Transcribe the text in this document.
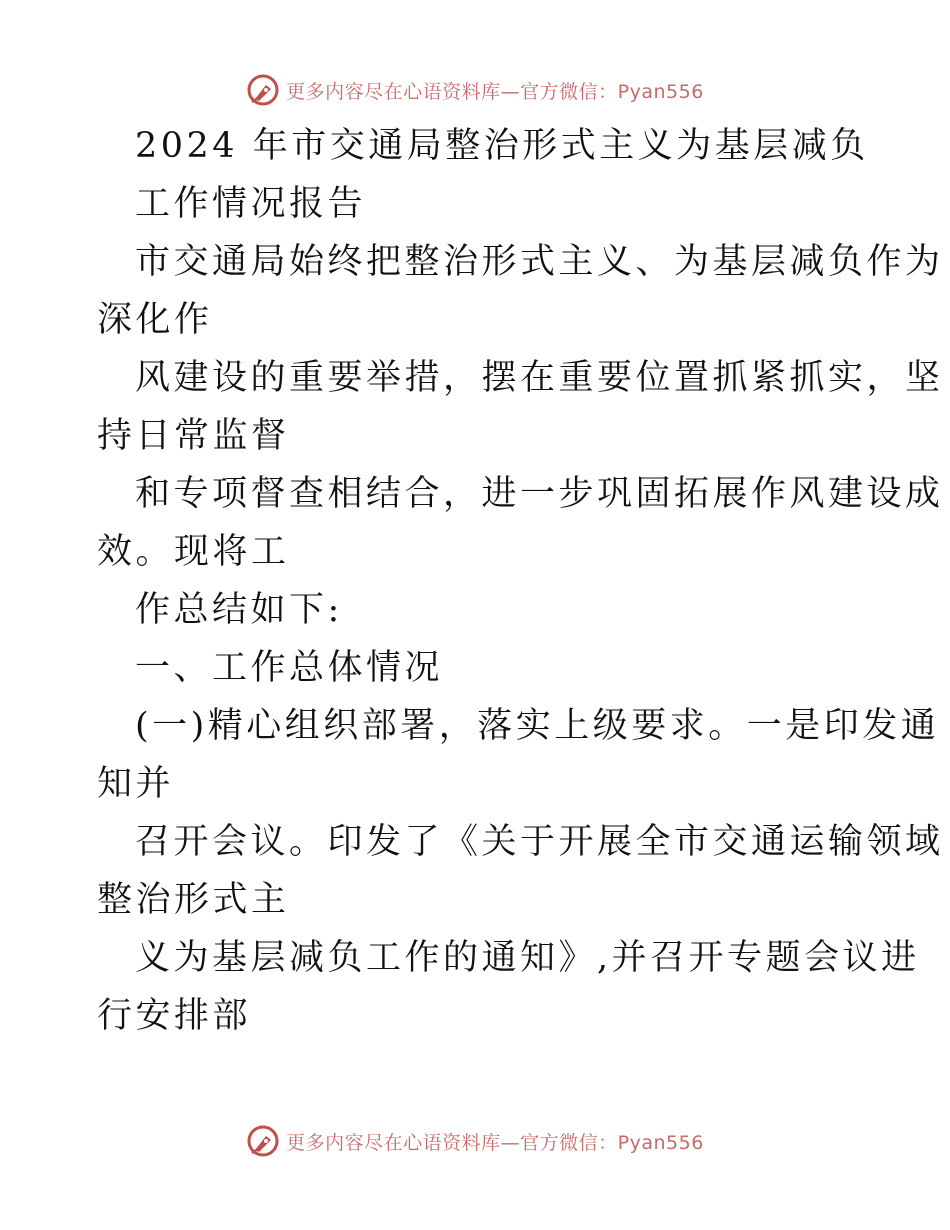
更多内容尽在心语资料库—官方微信：Pyan556
2024 年市交通局整治形式主义为基层减负
工作情况报告
市交通局始终把整治形式主义、为基层减负作为
深化作
风建设的重要举措，摆在重要位置抓紧抓实，坚
持日常监督
和专项督查相结合，进一步巩固拓展作风建设成
效。现将工
作总结如下:
一、工作总体情况
(一)精心组织部署，落实上级要求。一是印发通
知并
召开会议。印发了《关于开展全市交通运输领域
整治形式主
义为基层减负工作的通知》,并召开专题会议进
行安排部
更多内容尽在心语资料库—官方微信：Pyan556
